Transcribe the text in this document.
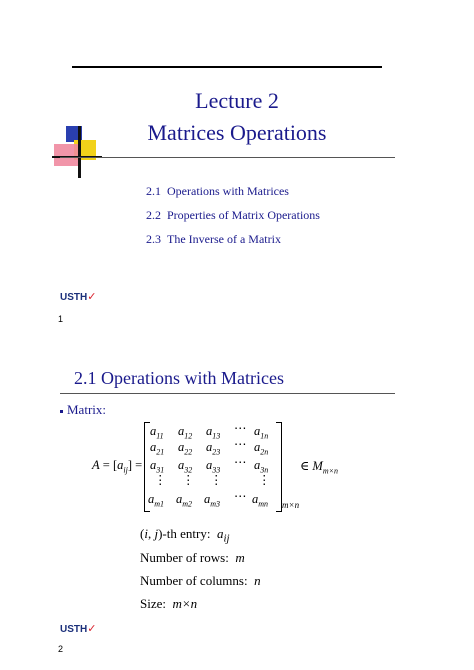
Lecture 2
Matrices Operations
2.1 Operations with Matrices
2.2 Properties of Matrix Operations
2.3 The Inverse of a Matrix
USTH✓
1
2.1 Operations with Matrices
Matrix:
$A = [a_{ij}]$ =
$a_{11}$ $a_{12}$ $a_{13}$
⋯ $a_{1n}$
$a_{21}$ $a_{22}$ $a_{23}$
⋯ $a_{2n}$
$a_{31}$ $a_{32}$ $a_{33}$
⋯ $a_{3n}$
⋮ ⋮ ⋮	⋮
$a_{m1}$ $a_{m2}$ $a_{m3}$
⋯ $a_{mn}$ m×n
∈ $M_{m\times n}$
(i, j)-th entry: $a_{ij}$
Number of rows: m
Number of columns: n
Size: m×n
USTH✓
2
